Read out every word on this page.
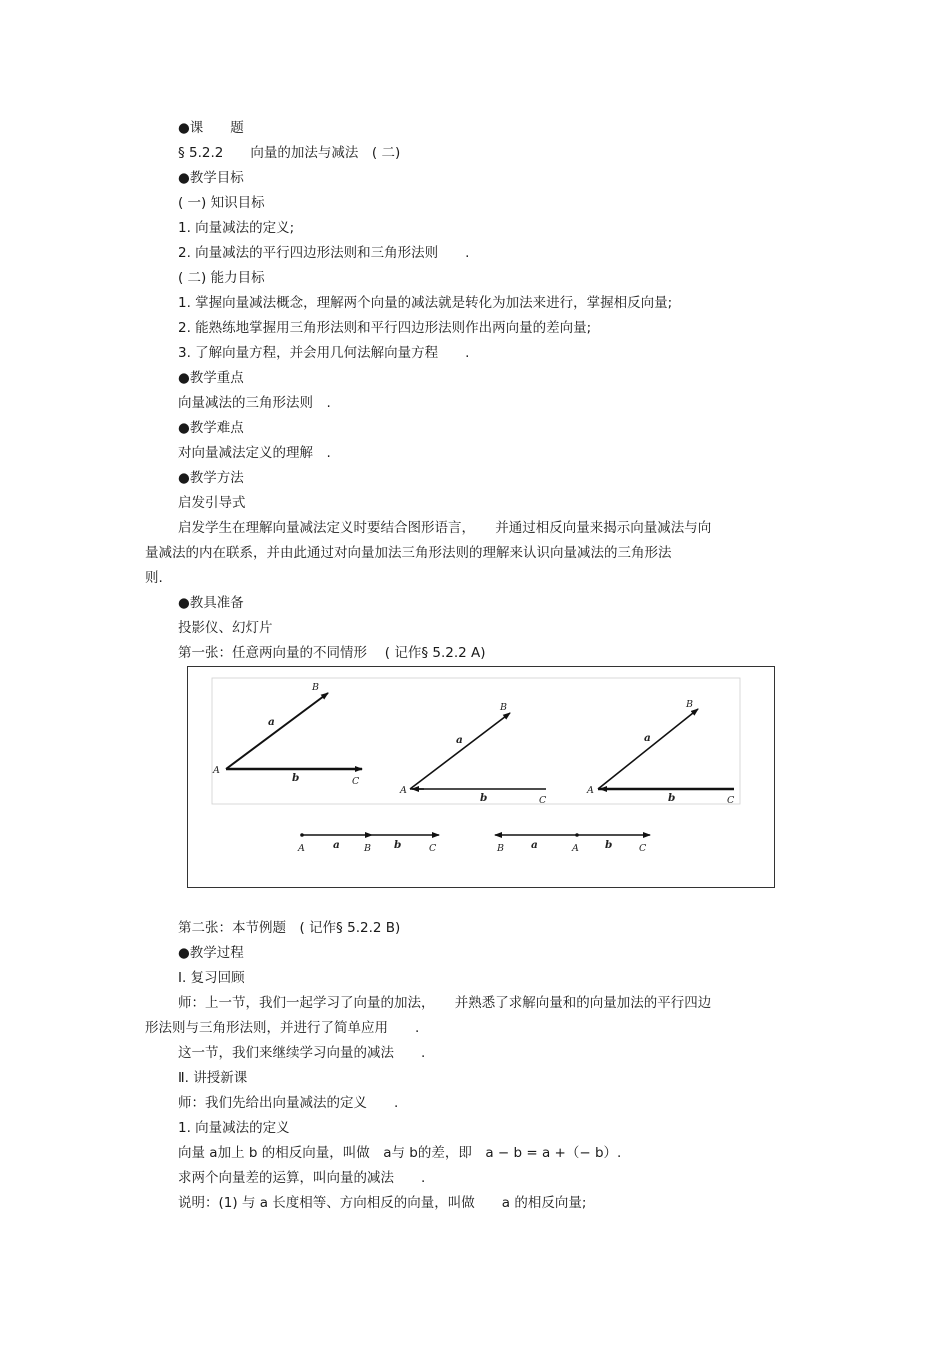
●课　　题
§ 5.2.2　　向量的加法与减法　( 二)
●教学目标
( 一) 知识目标
1. 向量减法的定义;
2. 向量减法的平行四边形法则和三角形法则　　.
( 二) 能力目标
1. 掌握向量减法概念，理解两个向量的减法就是转化为加法来进行，掌握相反向量;
2. 能熟练地掌握用三角形法则和平行四边形法则作出两向量的差向量;
3. 了解向量方程，并会用几何法解向量方程　　.
●教学重点
向量减法的三角形法则　.
●教学难点
对向量减法定义的理解　.
●教学方法
启发引导式
启发学生在理解向量减法定义时要结合图形语言，　　并通过相反向量来揭示向量减法与向
量减法的内在联系，并由此通过对向量加法三角形法则的理解来认识向量减法的三角形法
则.
●教具准备
投影仪、幻灯片
第一张：任意两向量的不同情形　 ( 记作§ 5.2.2 A)
A
B
C
a
b
A
B
C
a
b
A
B
C
a
b
A	a	B b	C	B	a	A b	C
第二张：本节例题　( 记作§ 5.2.2 B)
●教学过程
Ⅰ. 复习回顾
师：上一节，我们一起学习了向量的加法，　　并熟悉了求解向量和的向量加法的平行四边
形法则与三角形法则，并进行了简单应用　　.
这一节，我们来继续学习向量的减法　　.
Ⅱ. 讲授新课
师：我们先给出向量减法的定义　　.
1. 向量减法的定义
向量 a加上 b 的相反向量，叫做　a与 b的差，即　a − b = a +（− b）.
求两个向量差的运算，叫向量的减法　　.
说明：(1) 与 a 长度相等、方向相反的向量，叫做　　a 的相反向量;
